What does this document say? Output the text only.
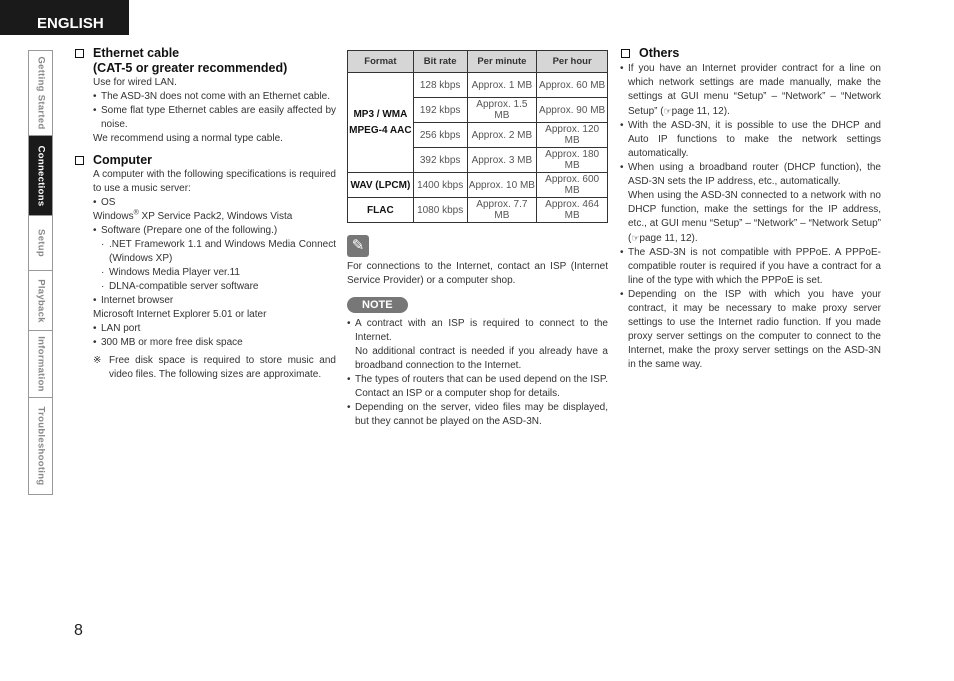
ENGLISH
Getting Started
Connections
Setup
Playback
Information
Troubleshooting
Ethernet cable
(CAT-5 or greater recommended)
Use for wired LAN.
• The ASD-3N does not come with an Ethernet cable.
• Some flat type Ethernet cables are easily affected by noise.
We recommend using a normal type cable.
Computer
A computer with the following specifications is required to use a music server:
• OS
Windows® XP Service Pack2, Windows Vista
• Software (Prepare one of the following.)
· .NET Framework 1.1 and Windows Media Connect (Windows XP)
· Windows Media Player ver.11
· DLNA-compatible server software
• Internet browser
Microsoft Internet Explorer 5.01 or later
• LAN port
• 300 MB or more free disk space
※ Free disk space is required to store music and video files. The following sizes are approximate.
Format	Bit rate	Per minute	Per hour

MP3 / WMA
MPEG-4 AAC	128 kbps	Approx. 1 MB	Approx. 60 MB
	192 kbps	Approx. 1.5 MB	Approx. 90 MB
	256 kbps	Approx. 2 MB	Approx. 120 MB
	392 kbps	Approx. 3 MB	Approx. 180 MB
WAV (LPCM)	1400 kbps	Approx. 10 MB	Approx. 600 MB
FLAC	1080 kbps	Approx. 7.7 MB	Approx. 464 MB
✎
For connections to the Internet, contact an ISP (Internet Service Provider) or a computer shop.
NOTE
• A contract with an ISP is required to connect to the Internet.
No additional contract is needed if you already have a broadband connection to the Internet.
• The types of routers that can be used depend on the ISP. Contact an ISP or a computer shop for details.
• Depending on the server, video files may be displayed, but they cannot be played on the ASD-3N.
Others
• If you have an Internet provider contract for a line on which network settings are made manually, make the settings at GUI menu “Setup” – “Network” – “Network Setup” (☞page 11, 12).
• With the ASD-3N, it is possible to use the DHCP and Auto IP functions to make the network settings automatically.
• When using a broadband router (DHCP function), the ASD-3N sets the IP address, etc., automatically.
When using the ASD-3N connected to a network with no DHCP function, make the settings for the IP address, etc., at GUI menu “Setup” – “Network” – “Network Setup” (☞page 11, 12).
• The ASD-3N is not compatible with PPPoE. A PPPoE-compatible router is required if you have a contract for a line of the type with which the PPPoE is set.
• Depending on the ISP with which you have your contract, it may be necessary to make proxy server settings to use the Internet radio function. If you made proxy server settings on the computer to connect to the Internet, make the proxy server settings on the ASD-3N in the same way.
8
